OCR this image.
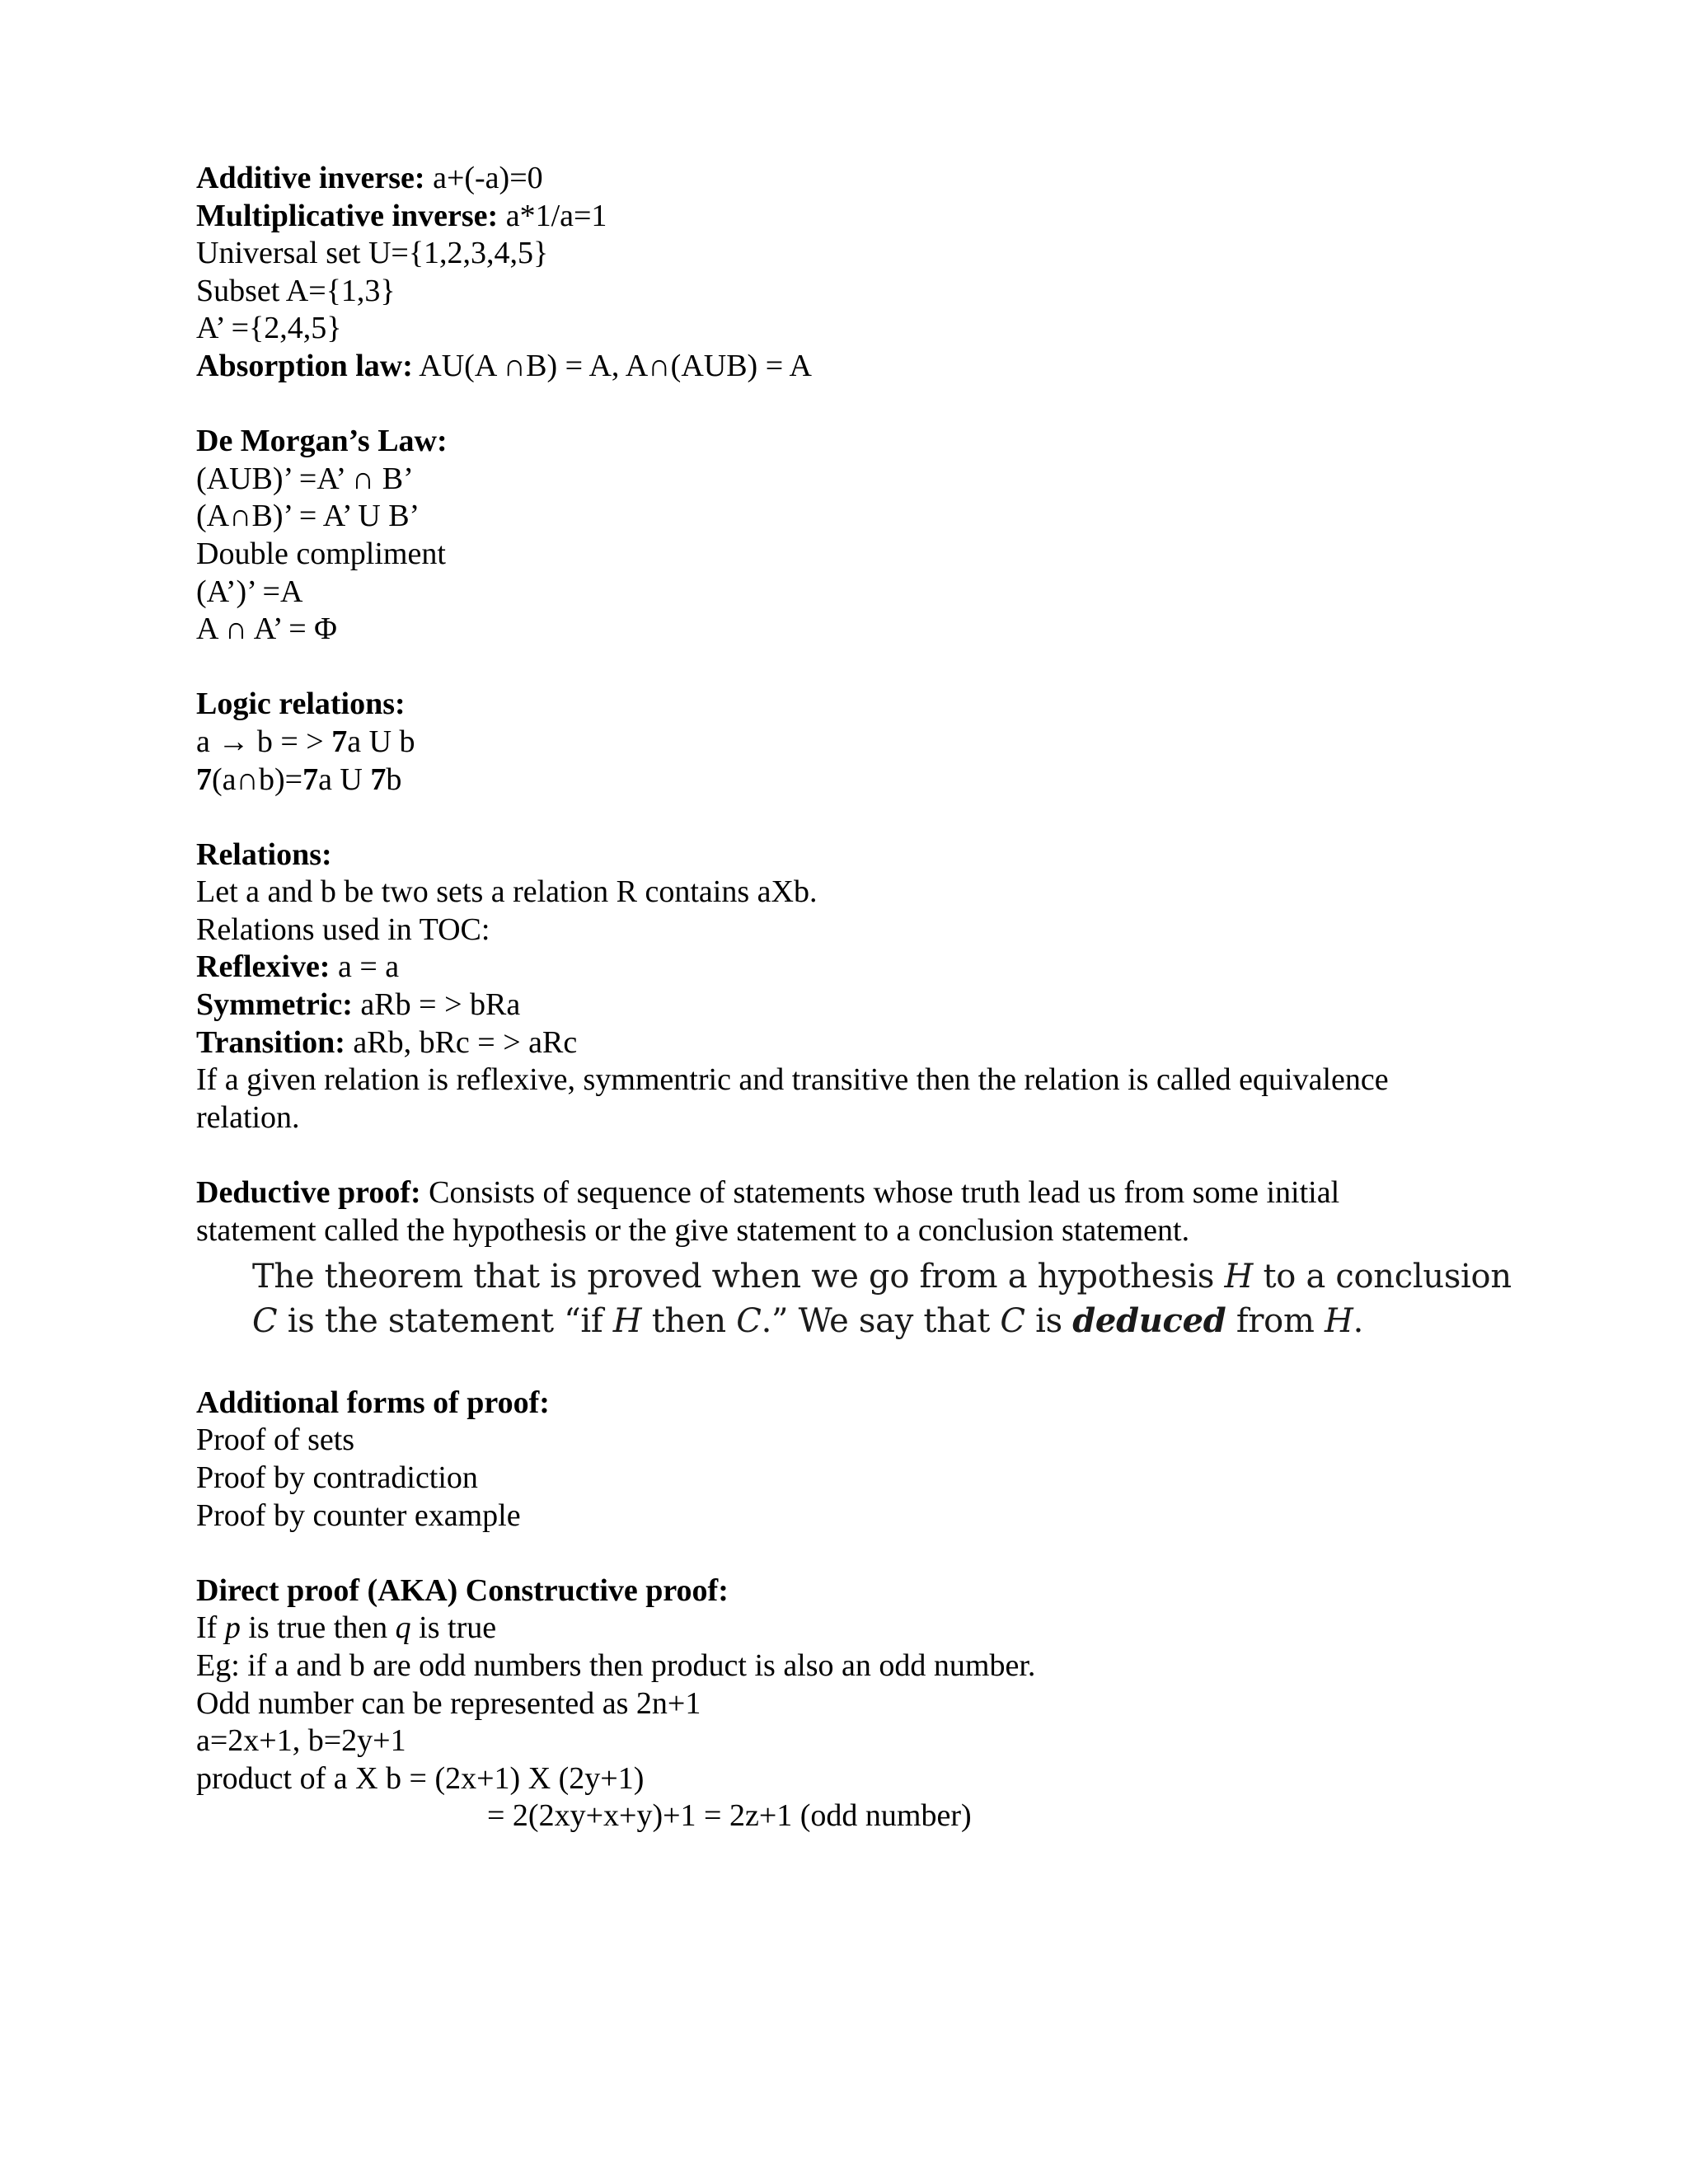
Additive inverse: a+(-a)=0
Multiplicative inverse: a*1/a=1
Universal set U={1,2,3,4,5}
Subset A={1,3}
A’ ={2,4,5}
Absorption law: AU(A ∩B) = A, A∩(AUB) = A
De Morgan’s Law:
(AUB)’ =A’ ∩ B’
(A∩B)’ = A’ U B’
Double compliment
(A’)’ =A
A ∩ A’ = Φ
Logic relations:
a → b = > 7a U b
7(a∩b)=7a U 7b
Relations:
Let a and b be two sets a relation R contains aXb.
Relations used in TOC:
Reflexive: a = a
Symmetric: aRb = > bRa
Transition: aRb, bRc = > aRc
If a given relation is reflexive, symmentric and transitive then the relation is called equivalence
relation.
Deductive proof: Consists of sequence of statements whose truth lead us from some initial
statement called the hypothesis or the give statement to a conclusion statement.
The theorem that is proved when we go from a hypothesis H to a conclusion
C is the statement “if H then C.” We say that C is deduced from H.
Additional forms of proof:
Proof of sets
Proof by contradiction
Proof by counter example
Direct proof (AKA) Constructive proof:
If p is true then q is true
Eg: if a and b are odd numbers then product is also an odd number.
Odd number can be represented as 2n+1
a=2x+1, b=2y+1
product of a X b = (2x+1) X (2y+1)
= 2(2xy+x+y)+1 = 2z+1 (odd number)
